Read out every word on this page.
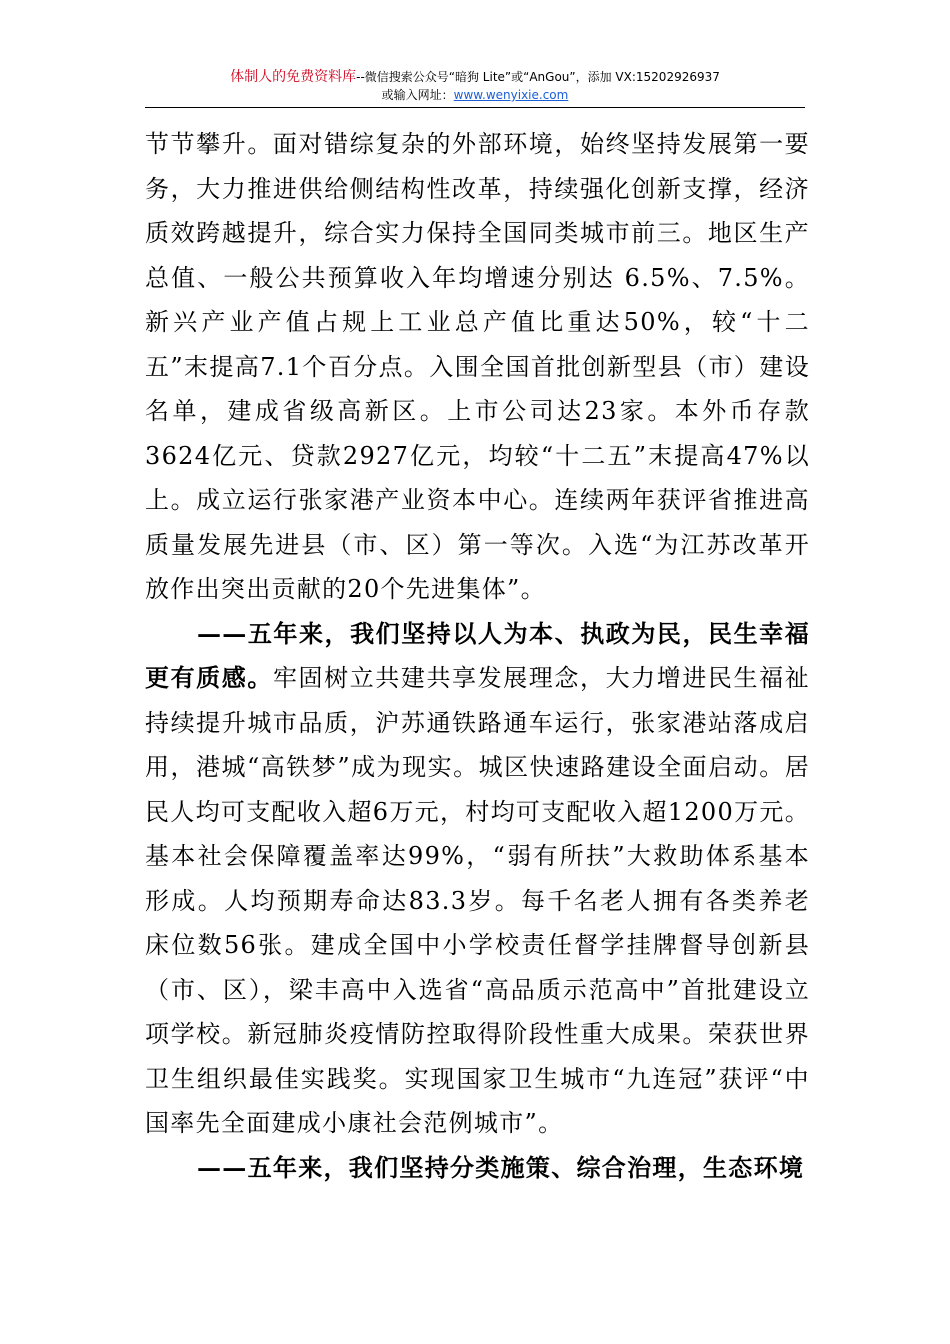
体制人的免费资料库--微信搜索公众号“暗狗 Lite”或“AnGou”，添加 VX:15202926937
或输入网址：www.wenyixie.com

节节攀升。面对错综复杂的外部环境，始终坚持发展第一要务，大力推进供给侧结构性改革，持续强化创新支撑，经济质效跨越提升，综合实力保持全国同类城市前三。地区生产总值、一般公共预算收入年均增速分别达 6.5%、7.5%。新兴产业产值占规上工业总产值比重达50%，较“十二五”末提高7.1个百分点。入围全国首批创新型县（市）建设名单，建成省级高新区。上市公司达23家。本外币存款3624亿元、贷款2927亿元，均较“十二五”末提高47%以上。成立运行张家港产业资本中心。连续两年获评省推进高质量发展先进县（市、区）第一等次。入选“为江苏改革开放作出突出贡献的20个先进集体”。

——五年来，我们坚持以人为本、执政为民，民生幸福更有质感。牢固树立共建共享发展理念，大力增进民生福祉持续提升城市品质，沪苏通铁路通车运行，张家港站落成启用，港城“高铁梦”成为现实。城区快速路建设全面启动。居民人均可支配收入超6万元，村均可支配收入超1200万元。基本社会保障覆盖率达99%，“弱有所扶”大救助体系基本形成。人均预期寿命达83.3岁。每千名老人拥有各类养老床位数56张。建成全国中小学校责任督学挂牌督导创新县（市、区），梁丰高中入选省“高品质示范高中”首批建设立项学校。新冠肺炎疫情防控取得阶段性重大成果。荣获世界卫生组织最佳实践奖。实现国家卫生城市“九连冠”获评“中国率先全面建成小康社会范例城市”。

——五年来，我们坚持分类施策、综合治理，生态环境
